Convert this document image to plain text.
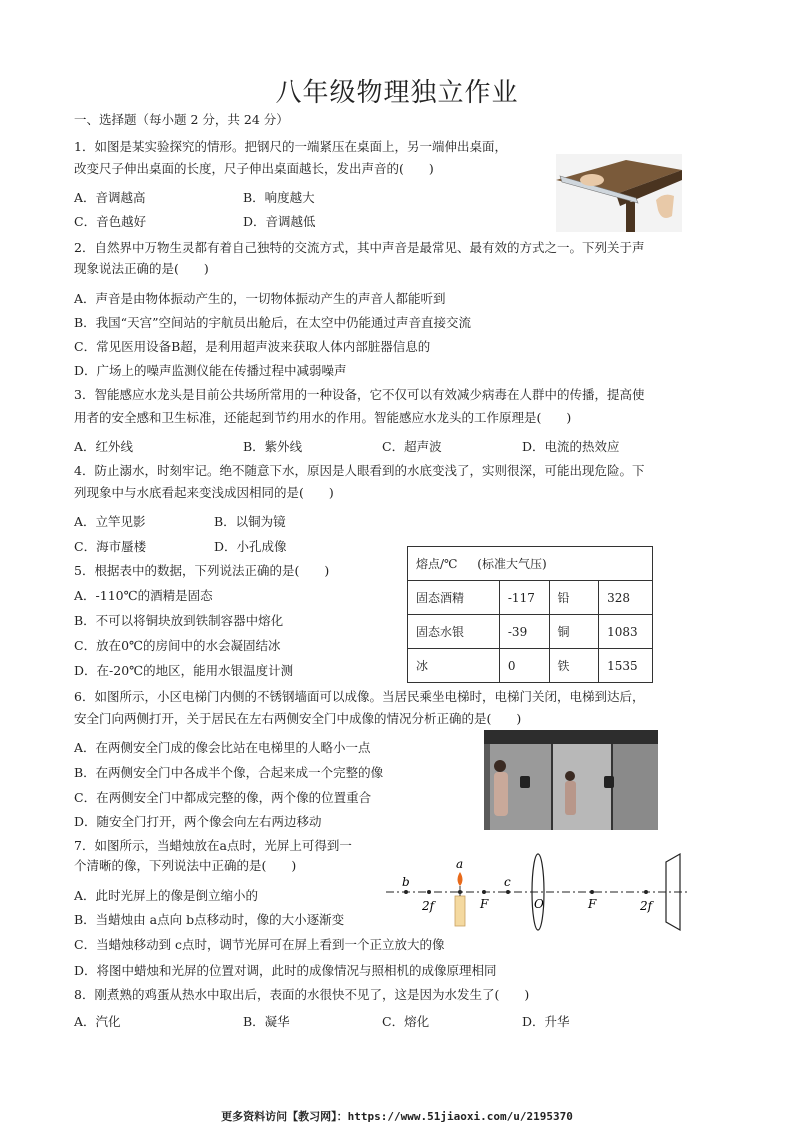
八年级物理独立作业
一、选择题（每小题 2 分，共 24 分）
1．如图是某实验探究的情形。把钢尺的一端紧压在桌面上，另一端伸出桌面，
改变尺子伸出桌面的长度，尺子伸出桌面越长，发出声音的(　　)
A．音调越高	B．响度越大
C．音色越好	D．音调越低
2．自然界中万物生灵都有着自己独特的交流方式，其中声音是最常见、最有效的方式之一。下列关于声
现象说法正确的是(　　)
A．声音是由物体振动产生的，一切物体振动产生的声音人都能听到
B．我国“天宫”空间站的宇航员出舱后，在太空中仍能通过声音直接交流
C．常见医用设备B超，是利用超声波来获取人体内部脏器信息的
D．广场上的噪声监测仪能在传播过程中减弱噪声
3．智能感应水龙头是目前公共场所常用的一种设备，它不仅可以有效减少病毒在人群中的传播，提高使
用者的安全感和卫生标准，还能起到节约用水的作用。智能感应水龙头的工作原理是(　　)
A．红外线	B．紫外线	C．超声波	D．电流的热效应
4．防止溺水，时刻牢记。绝不随意下水，原因是人眼看到的水底变浅了，实则很深，可能出现危险。下
列现象中与水底看起来变浅成因相同的是(　　)
A．立竿见影	B．以铜为镜
C．海市蜃楼	D．小孔成像
5．根据表中的数据，下列说法正确的是(　　)
A．-110℃的酒精是固态
B．不可以将铜块放到铁制容器中熔化
C．放在0℃的房间中的水会凝固结冰
D．在-20℃的地区，能用水银温度计测
熔点/℃ (标准大气压)			
固态酒精	-117	铅	328
固态水银	-39	铜	1083
冰	0	铁	1535
6．如图所示，小区电梯门内侧的不锈钢墙面可以成像。当居民乘坐电梯时，电梯门关闭，电梯到达后，
安全门向两侧打开，关于居民在左右两侧安全门中成像的情况分析正确的是(　　)
A．在两侧安全门成的像会比站在电梯里的人略小一点
B．在两侧安全门中各成半个像，合起来成一个完整的像
C．在两侧安全门中都成完整的像，两个像的位置重合
D．随安全门打开，两个像会向左右两边移动
7．如图所示，当蜡烛放在a点时，光屏上可得到一
个清晰的像，下列说法中正确的是(　　)
A．此时光屏上的像是倒立缩小的
B．当蜡烛由 a点向 b点移动时，像的大小逐渐变
C．当蜡烛移动到 c点时，调节光屏可在屏上看到一个正立放大的像
D．将图中蜡烛和光屏的位置对调，此时的成像情况与照相机的成像原理相同
b
a
c
2f	F	O	F	2f
8．刚煮熟的鸡蛋从热水中取出后，表面的水很快不见了，这是因为水发生了(　　)
A．汽化	B．凝华	C．熔化	D．升华
更多资料访问【教习网】：https://www.51jiaoxi.com/u/2195370
